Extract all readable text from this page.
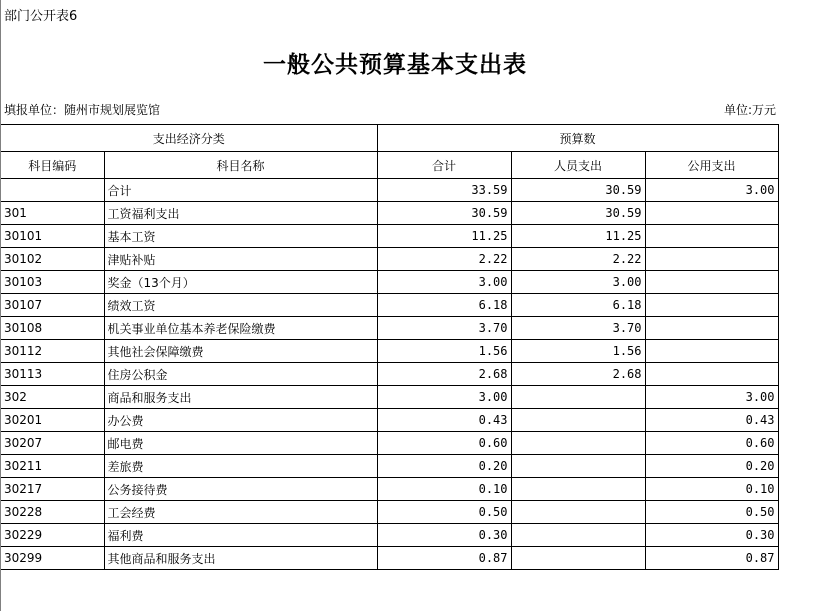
部门公开表6
一般公共预算基本支出表
填报单位：随州市规划展览馆	单位:万元
支出经济分类		预算数		
科目编码	科目名称	合计	人员支出	公用支出
	合计	33.59	30.59	3.00
301	工资福利支出	30.59	30.59	
30101	基本工资	11.25	11.25	
30102	津贴补贴	2.22	2.22	
30103	奖金（13个月）	3.00	3.00	
30107	绩效工资	6.18	6.18	
30108	机关事业单位基本养老保险缴费	3.70	3.70	
30112	其他社会保障缴费	1.56	1.56	
30113	住房公积金	2.68	2.68	
302	商品和服务支出	3.00		3.00
30201	办公费	0.43		0.43
30207	邮电费	0.60		0.60
30211	差旅费	0.20		0.20
30217	公务接待费	0.10		0.10
30228	工会经费	0.50		0.50
30229	福利费	0.30		0.30
30299	其他商品和服务支出	0.87		0.87
